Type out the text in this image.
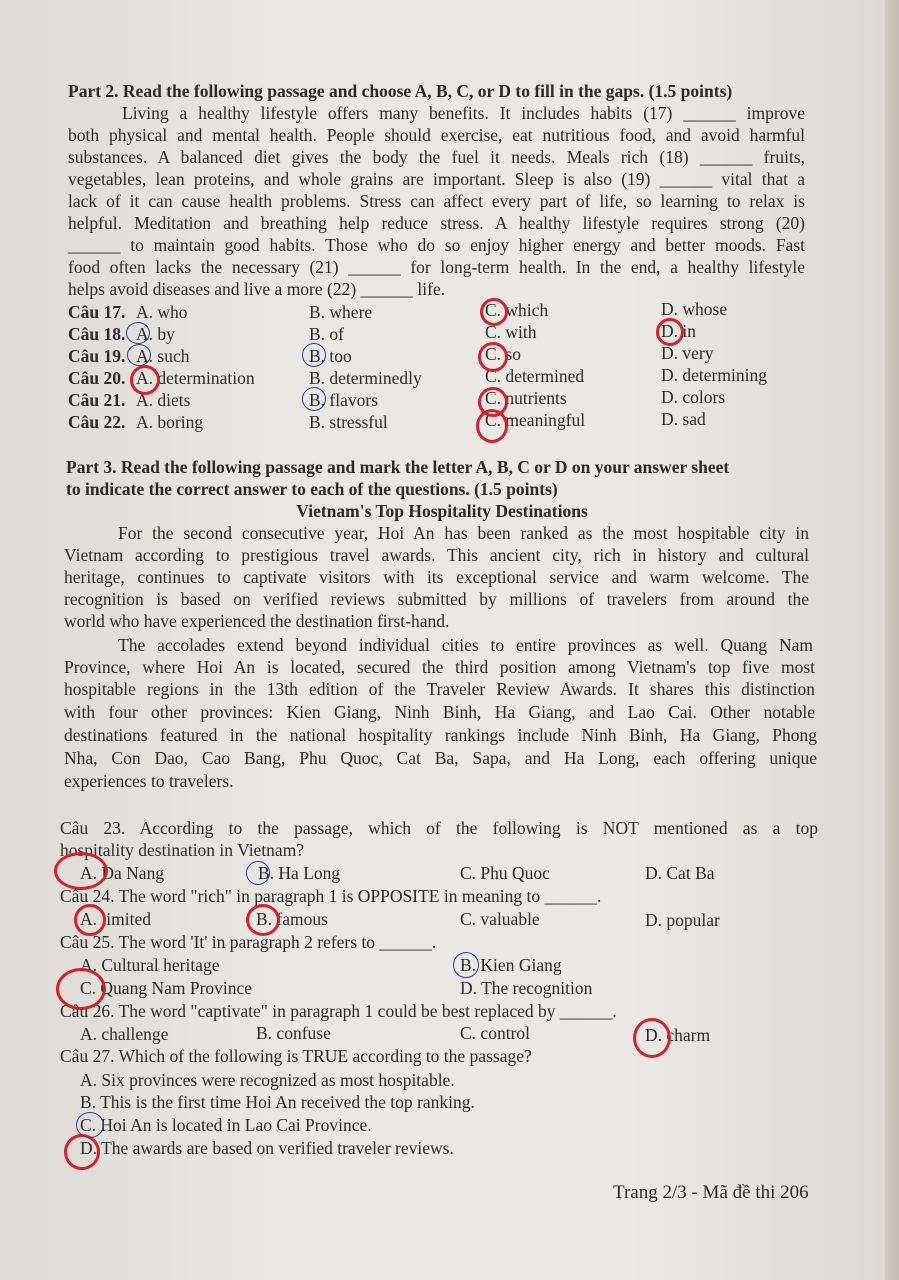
Part 2. Read the following passage and choose A, B, C, or D to fill in the gaps. (1.5 points)
Living a healthy lifestyle offers many benefits. It includes habits (17) ______ improve
both physical and mental health. People should exercise, eat nutritious food, and avoid harmful
substances. A balanced diet gives the body the fuel it needs. Meals rich (18) ______ fruits,
vegetables, lean proteins, and whole grains are important. Sleep is also (19) ______ vital that a
lack of it can cause health problems. Stress can affect every part of life, so learning to relax is
helpful. Meditation and breathing help reduce stress. A healthy lifestyle requires strong (20)
______ to maintain good habits. Those who do so enjoy higher energy and better moods. Fast
food often lacks the necessary (21) ______ for long-term health. In the end, a healthy lifestyle
helps avoid diseases and live a more (22) ______ life.
Câu 17. A. who	B. where	C. which	D. whose
Câu 18. A. by	B. of	C. with	D. in
Câu 19. A. such	B. too	C. so	D. very
Câu 20. A. determination	B. determinedly	C. determined	D. determining
Câu 21. A. diets	B. flavors	C. nutrients	D. colors
Câu 22. A. boring	B. stressful	C. meaningful	D. sad
Part 3. Read the following passage and mark the letter A, B, C or D on your answer sheet
to indicate the correct answer to each of the questions. (1.5 points)
Vietnam's Top Hospitality Destinations
For the second consecutive year, Hoi An has been ranked as the most hospitable city in
Vietnam according to prestigious travel awards. This ancient city, rich in history and cultural
heritage, continues to captivate visitors with its exceptional service and warm welcome. The
recognition is based on verified reviews submitted by millions of travelers from around the
world who have experienced the destination first-hand.
The accolades extend beyond individual cities to entire provinces as well. Quang Nam
Province, where Hoi An is located, secured the third position among Vietnam's top five most
hospitable regions in the 13th edition of the Traveler Review Awards. It shares this distinction
with four other provinces: Kien Giang, Ninh Binh, Ha Giang, and Lao Cai. Other notable
destinations featured in the national hospitality rankings include Ninh Binh, Ha Giang, Phong
Nha, Con Dao, Cao Bang, Phu Quoc, Cat Ba, Sapa, and Ha Long, each offering unique
experiences to travelers.
Câu 23. According to the passage, which of the following is NOT mentioned as a top
hospitality destination in Vietnam?
A. Da Nang	B. Ha Long	C. Phu Quoc	D. Cat Ba
Câu 24. The word "rich" in paragraph 1 is OPPOSITE in meaning to ______.
A. limited	B. famous	C. valuable	D. popular
Câu 25. The word 'It' in paragraph 2 refers to ______.
A. Cultural heritage	B. Kien Giang
C. Quang Nam Province	D. The recognition
Câu 26. The word "captivate" in paragraph 1 could be best replaced by ______.
A. challenge	B. confuse	C. control	D. charm
Câu 27. Which of the following is TRUE according to the passage?
A. Six provinces were recognized as most hospitable.
B. This is the first time Hoi An received the top ranking.
C. Hoi An is located in Lao Cai Province.
D. The awards are based on verified traveler reviews.
Trang 2/3 - Mã đề thi 206
